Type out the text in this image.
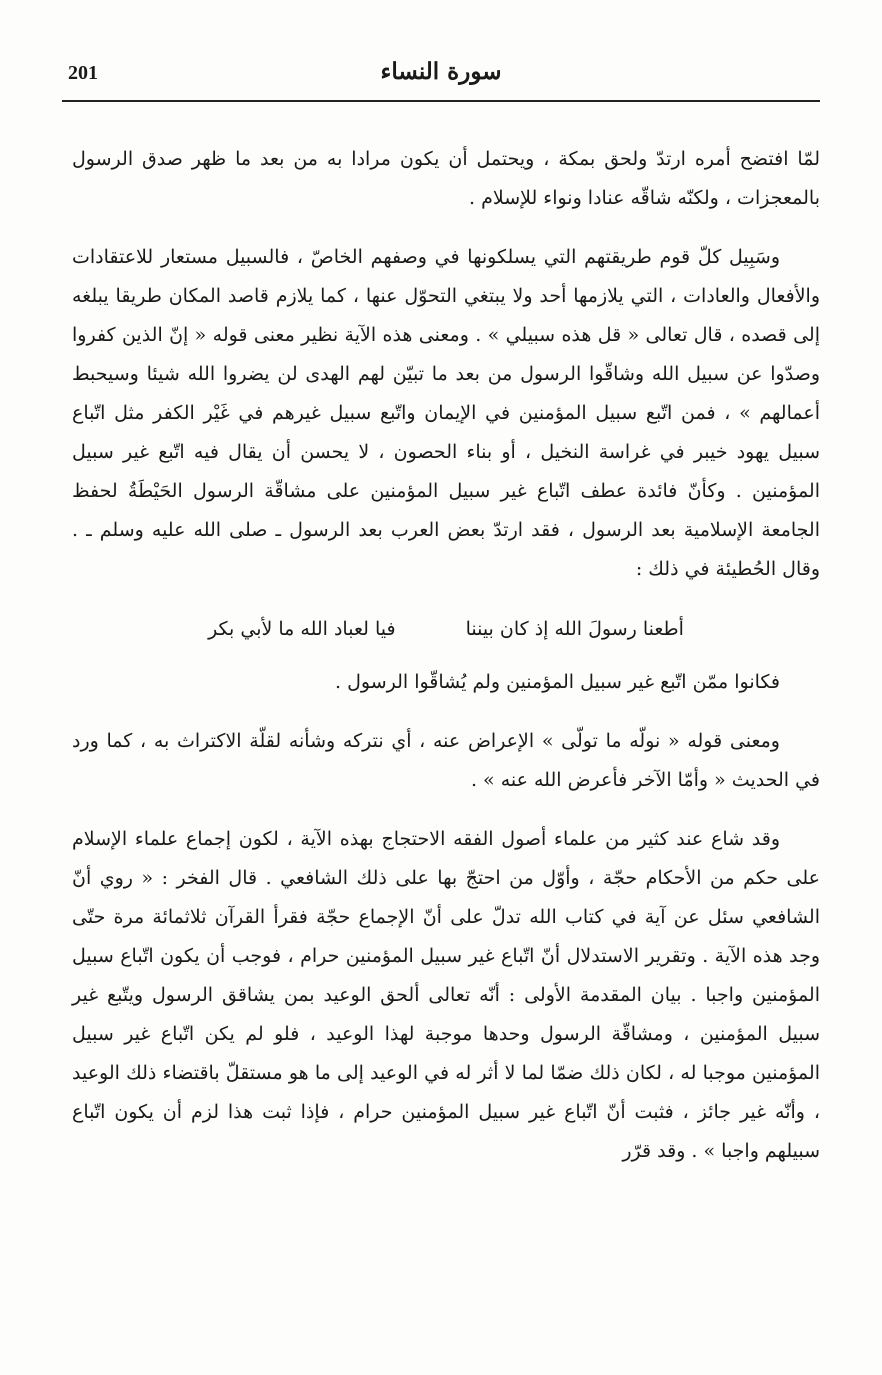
201	سورة النساء

لمّا افتضح أمره ارتدّ ولحق بمكة ، ويحتمل أن يكون مرادا به من بعد ما ظهر صدق الرسول بالمعجزات ، ولكنّه شاقّه عنادا ونواء للإسلام .

وسَبِيل كلّ قوم طريقتهم التي يسلكونها في وصفهم الخاصّ ، فالسبيل مستعار للاعتقادات والأفعال والعادات ، التي يلازمها أحد ولا يبتغي التحوّل عنها ، كما يلازم قاصد المكان طريقا يبلغه إلى قصده ، قال تعالى « قل هذه سبيلي » . ومعنى هذه الآية نظير معنى قوله « إنّ الذين كفروا وصدّوا عن سبيل الله وشاقّوا الرسول من بعد ما تبيّن لهم الهدى لن يضروا الله شيئا وسيحبط أعمالهم » ، فمن اتّبع سبيل المؤمنين في الإيمان واتّبع سبيل غيرهم في غَيْر الكفر مثل اتّباع سبيل يهود خيبر في غراسة النخيل ، أو بناء الحصون ، لا يحسن أن يقال فيه اتّبع غير سبيل المؤمنين . وكأنّ فائدة عطف اتّباع غير سبيل المؤمنين على مشاقّة الرسول الحَيْطَةُ لحفظ الجامعة الإسلامية بعد الرسول ، فقد ارتدّ بعض العرب بعد الرسول ـ صلى الله عليه وسلم ـ . وقال الحُطيئة في ذلك :

أطعنا رسولَ الله إذ كان بيننا
فيا لعباد الله ما لأبي بكر

فكانوا ممّن اتّبع غير سبيل المؤمنين ولم يُشاقّوا الرسول .

ومعنى قوله « نولّه ما تولّى » الإعراض عنه ، أي نتركه وشأنه لقلّة الاكتراث به ، كما ورد في الحديث « وأمّا الآخر فأعرض الله عنه » .

وقد شاع عند كثير من علماء أصول الفقه الاحتجاج بهذه الآية ، لكون إجماع علماء الإسلام على حكم من الأحكام حجّة ، وأوّل من احتجّ بها على ذلك الشافعي . قال الفخر : « روي أنّ الشافعي سئل عن آية في كتاب الله تدلّ على أنّ الإجماع حجّة فقرأ القرآن ثلاثمائة مرة حتّى وجد هذه الآية . وتقرير الاستدلال أنّ اتّباع غير سبيل المؤمنين حرام ، فوجب أن يكون اتّباع سبيل المؤمنين واجبا . بيان المقدمة الأولى : أنّه تعالى ألحق الوعيد بمن يشاقق الرسول ويتّبع غير سبيل المؤمنين ، ومشاقّة الرسول وحدها موجبة لهذا الوعيد ، فلو لم يكن اتّباع غير سبيل المؤمنين موجبا له ، لكان ذلك ضمّا لما لا أثر له في الوعيد إلى ما هو مستقلّ باقتضاء ذلك الوعيد ، وأنّه غير جائز ، فثبت أنّ اتّباع غير سبيل المؤمنين حرام ، فإذا ثبت هذا لزم أن يكون اتّباع سبيلهم واجبا » . وقد قرّر
